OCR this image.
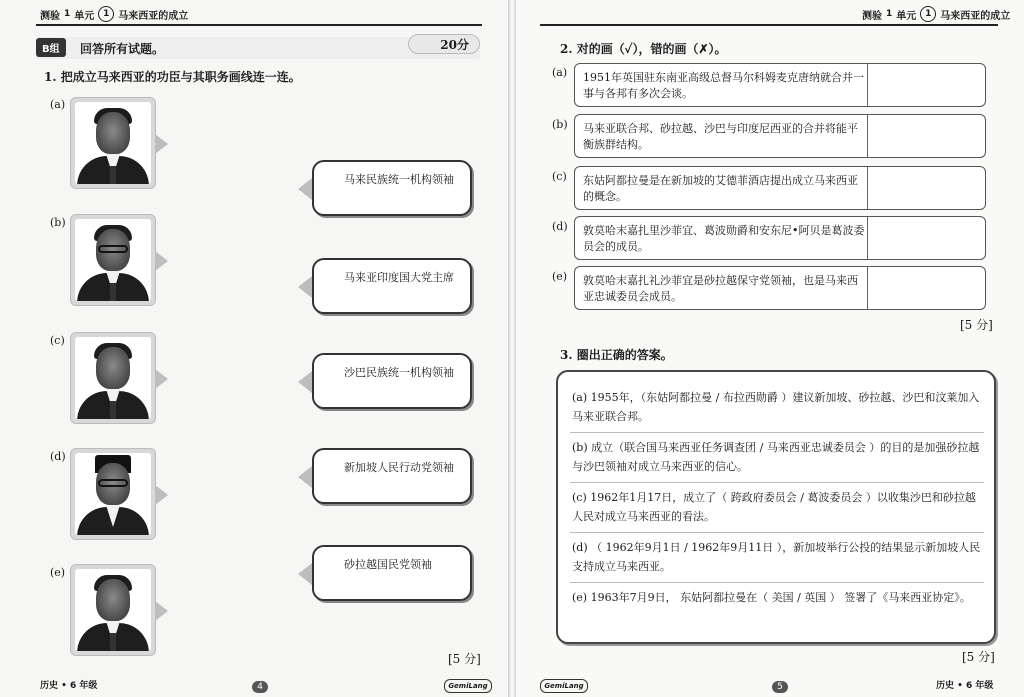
测验 1 单元 1 马来西亚的成立
B组	回答所有试题。	20分
1. 把成立马来西亚的功臣与其职务画线连一连。
(a)
(b)
(c)
(d)
(e)
马来民族统一机构领袖
马来亚印度国大党主席
沙巴民族统一机构领袖
新加坡人民行动党领袖
砂拉越国民党领袖
[5 分]
历史 • 6 年级	4	GemiLang
测验 1 单元 1 马来西亚的成立
2. 对的画（✓），错的画（✗）。
(a) 1951年英国驻东南亚高级总督马尔科姆麦克唐纳就合并一事与各邦有多次会谈。
(b) 马来亚联合邦、砂拉越、沙巴与印度尼西亚的合并将能平衡族群结构。
(c) 东姑阿都拉曼是在新加坡的艾德菲酒店提出成立马来西亚的概念。
(d) 敦莫哈末嘉扎里沙菲宜、葛波勋爵和安东尼•阿贝是葛波委员会的成员。
(e) 敦莫哈末嘉扎礼沙菲宜是砂拉越保守党领袖，也是马来西亚忠诚委员会成员。
[5 分]
3. 圈出正确的答案。
(a) 1955年，（东姑阿都拉曼 / 布拉西勋爵 ）建议新加坡、砂拉越、沙巴和汶莱加入马来亚联合邦。
(b) 成立（联合国马来西亚任务调查团 / 马来西亚忠诚委员会 ）的目的是加强砂拉越与沙巴领袖对成立马来西亚的信心。
(c) 1962年1月17日，成立了（ 跨政府委员会 / 葛波委员会 ）以收集沙巴和砂拉越人民对成立马来西亚的看法。
(d) （ 1962年9月1日 / 1962年9月11日 ），新加坡举行公投的结果显示新加坡人民支持成立马来西亚。
(e) 1963年7月9日， 东姑阿都拉曼在（ 美国 / 英国 ） 签署了《马来西亚协定》。
[5 分]
GemiLang	5	历史 • 6 年级
